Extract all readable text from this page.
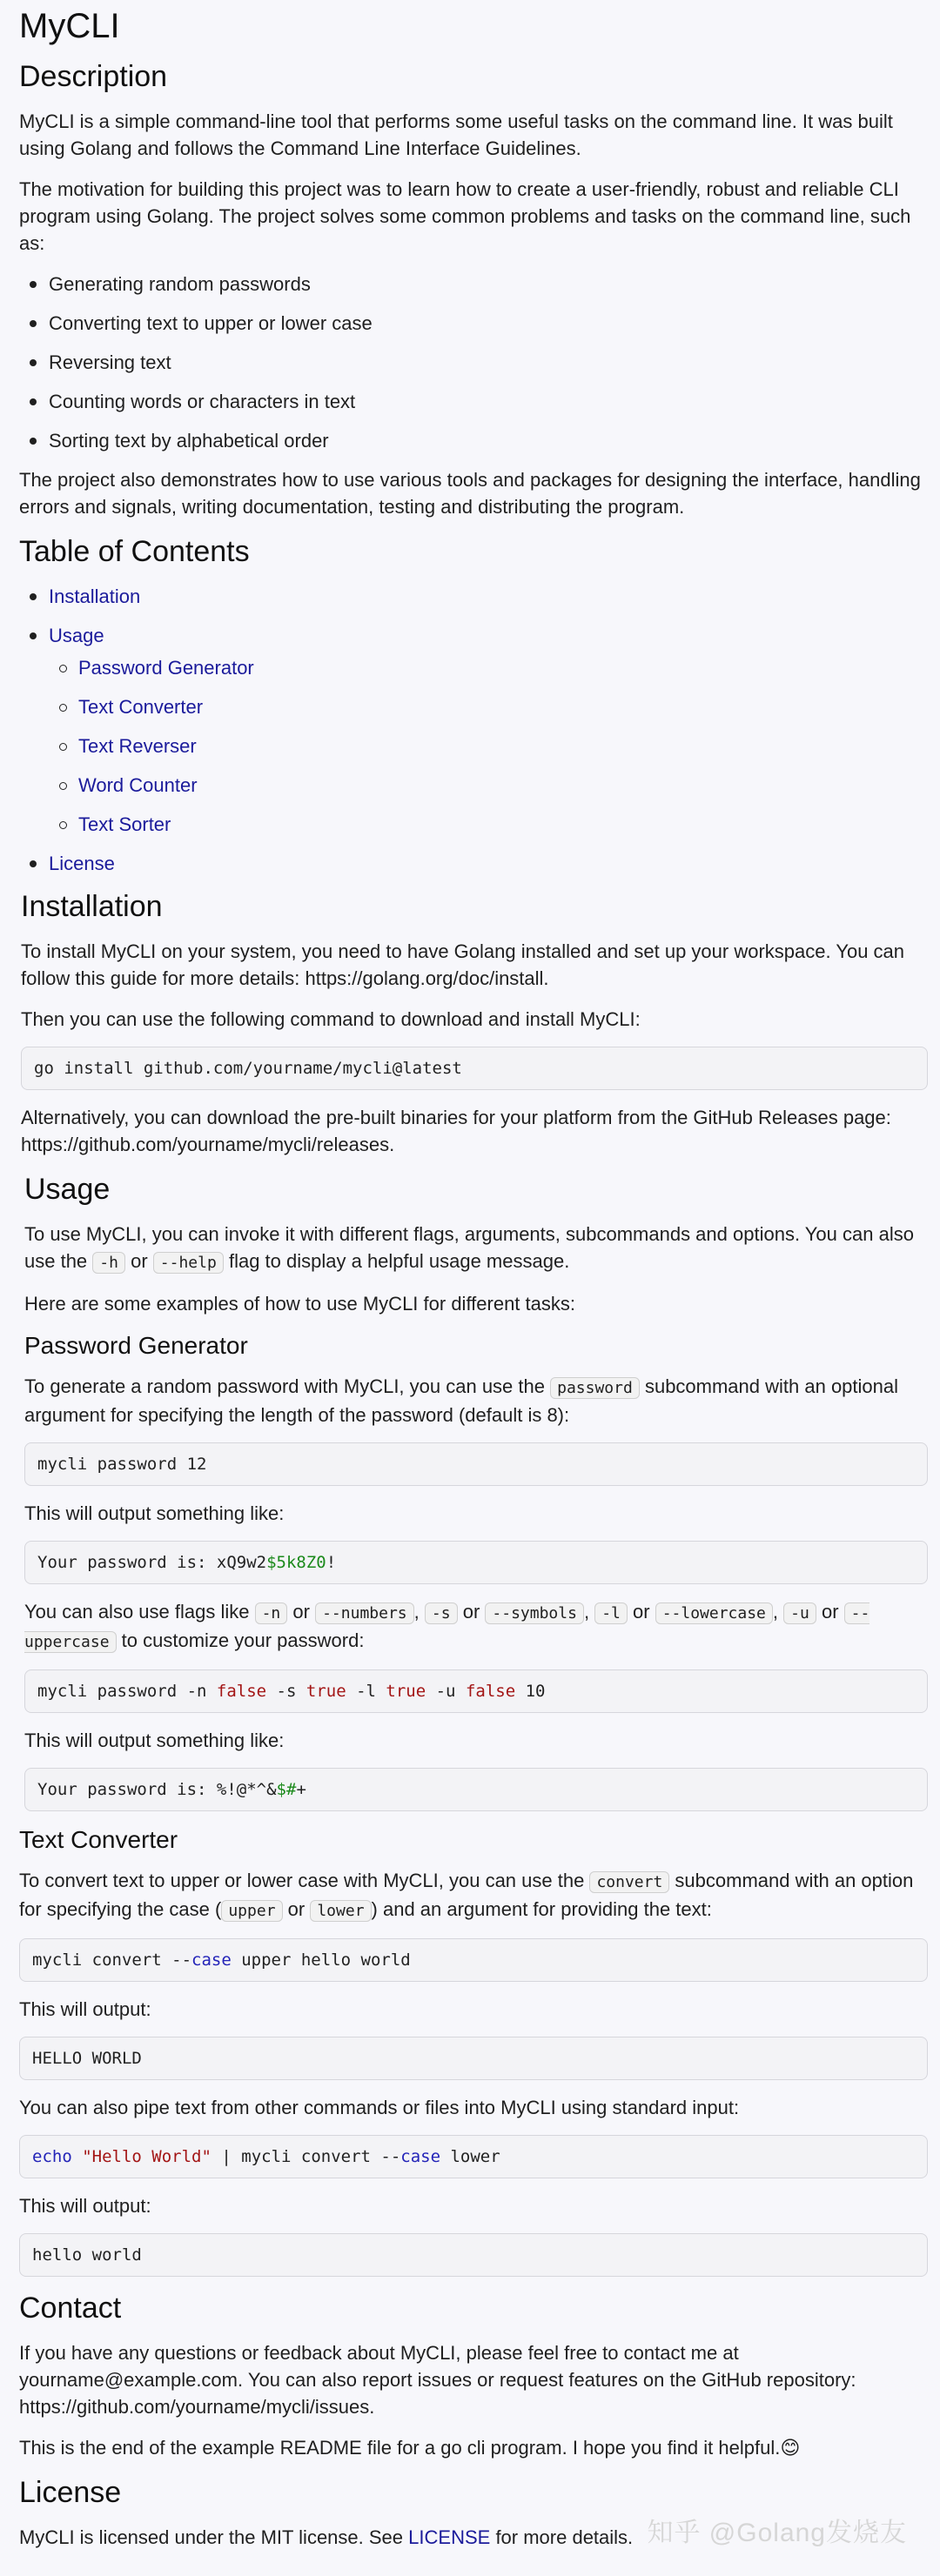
MyCLI
Description

MyCLI is a simple command-line tool that performs some useful tasks on the command line. It was built using Golang and follows the Command Line Interface Guidelines.

The motivation for building this project was to learn how to create a user-friendly, robust and reliable CLI program using Golang. The project solves some common problems and tasks on the command line, such as:

Generating random passwords
Converting text to upper or lower case
Reversing text
Counting words or characters in text
Sorting text by alphabetical order

The project also demonstrates how to use various tools and packages for designing the interface, handling errors and signals, writing documentation, testing and distributing the program.

Table of Contents
Installation
Usage
Password Generator
Text Converter
Text Reverser
Word Counter
Text Sorter
License
Installation

To install MyCLI on your system, you need to have Golang installed and set up your workspace. You can follow this guide for more details: https://golang.org/doc/install.

Then you can use the following command to download and install MyCLI:

go install github.com/yourname/mycli@latest

Alternatively, you can download the pre-built binaries for your platform from the GitHub Releases page: https://github.com/yourname/mycli/releases.

Usage

To use MyCLI, you can invoke it with different flags, arguments, subcommands and options. You can also use the -h or --help flag to display a helpful usage message.

Here are some examples of how to use MyCLI for different tasks:

Password Generator

To generate a random password with MyCLI, you can use the password subcommand with an optional argument for specifying the length of the password (default is 8):

mycli password 12

This will output something like:

Your password is: xQ9w2$5k8Z0!

You can also use flags like -n or --numbers , -s or --symbols , -l or --lowercase , -u or --uppercase to customize your password:

mycli password -n false -s true -l true -u false 10

This will output something like:

Your password is: %!@*^&$#+
Text Converter

To convert text to upper or lower case with MyCLI, you can use the convert subcommand with an option for specifying the case ( upper or lower ) and an argument for providing the text:

mycli convert --case upper hello world

This will output:

HELLO WORLD

You can also pipe text from other commands or files into MyCLI using standard input:

echo "Hello World" | mycli convert --case lower

This will output:

hello world
Contact

If you have any questions or feedback about MyCLI, please feel free to contact me at yourname@example.com. You can also report issues or request features on the GitHub repository: https://github.com/yourname/mycli/issues.

This is the end of the example README file for a go cli program. I hope you find it helpful.😊

License

MyCLI is licensed under the MIT license. See LICENSE for more details. 知乎 @Golang发烧友
